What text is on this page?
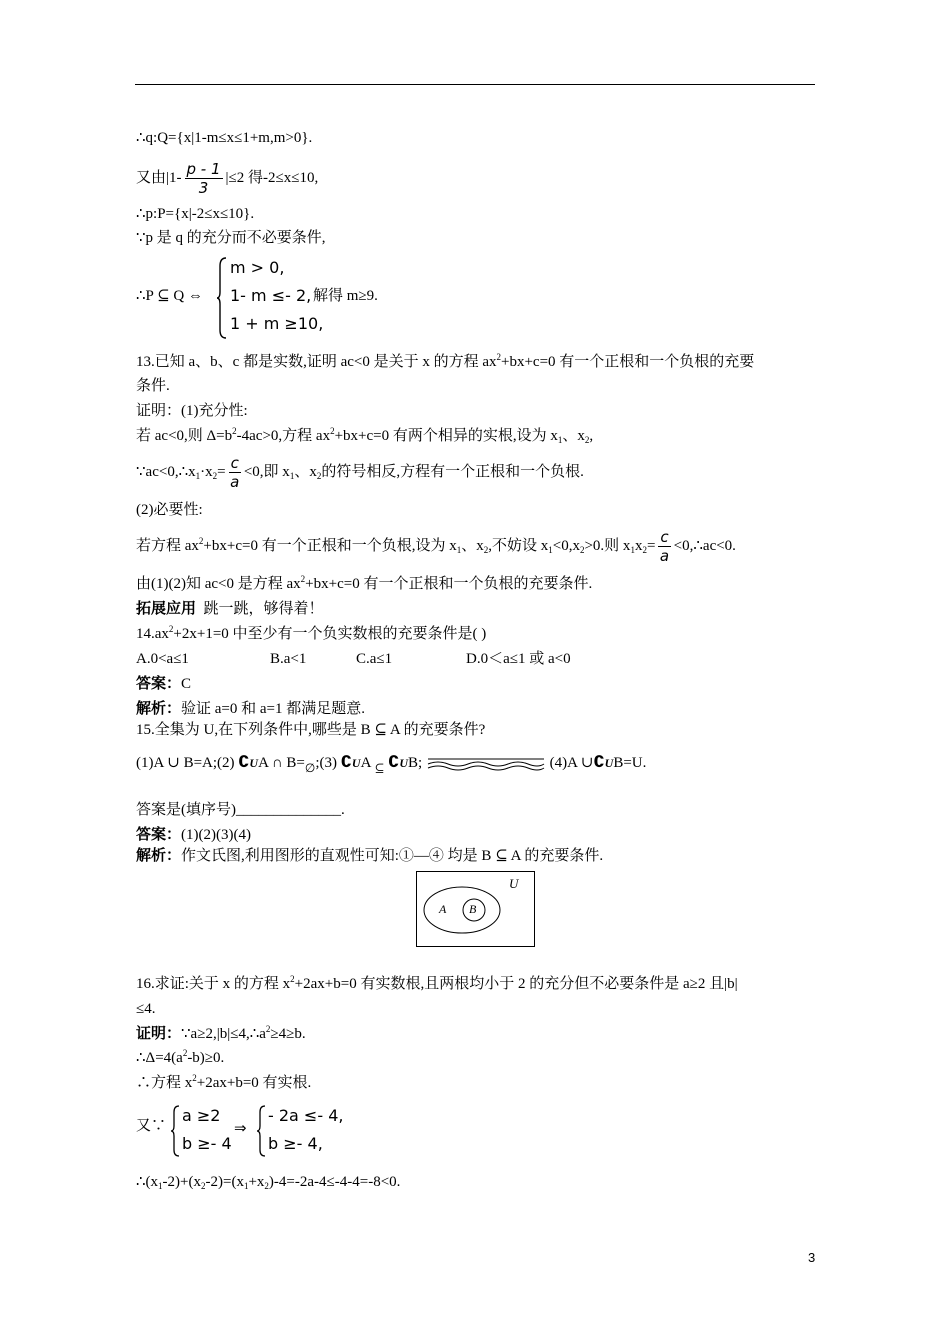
∴q:Q={x|1-m≤x≤1+m,m>0}.
又由$|1- \frac{p - 1}{3} |\le 2$ 得-2≤x≤10,
∴p:P={x|-2≤x≤10}.
∵p 是 q 的充分而不必要条件,
∴P ⊆ Q ⇔
m > 0,
1- m ≤- 2,
1 + m ≥10,
解得 m≥9.
13.已知 a、b、c 都是实数,证明 ac<0 是关于 x 的方程 $ax^2+bx+c=0$ 有一个正根和一个负根的充要
条件.
证明：(1)充分性:
若 ac<0,则 $\Delta=b^2-4ac>0$,方程 $ax^2+bx+c=0$ 有两个相异的实根,设为 $x_1$、$x_2$,
$\because ac<0,\therefore x_1\cdot x_2= \frac{c}{a} <0$,即 $x_1$、$x_2$的符号相反,方程有一个正根和一个负根.
(2)必要性:
若方程 $ax^2+bx+c=0$ 有一个正根和一个负根,设为 $x_1$、$x_2$,不妨设 $x_1<0,x_2>0$.则 $x_1x_2= \frac{c}{a}$ <0,∴ac<0.
由(1)(2)知 ac<0 是方程 $ax^2+bx+c=0$ 有一个正根和一个负根的充要条件.
拓展应用 跳一跳，够得着！
$14.ax^2+2x+1=0$ 中至少有一个负实数根的充要条件是( )
A.0<a≤1	B.a<1	C.a≤1	D.0＜a≤1 或 a<0
答案：C
解析：验证 a=0 和 a=1 都满足题意.
15.全集为 U,在下列条件中,哪些是 B ⊆ A 的充要条件?
(1)A ∪ B=A;(2) ∁UA ∩ $B=_\emptyset;(3)$ ∁UA $_⊆$ ∁UB;	(4)A ∪∁UB=U.
答案是(填序号)______________.
答案：(1)(2)(3)(4)
解析：作文氏图,利用图形的直观性可知:①—④ 均是 B ⊆ A 的充要条件.
U
A B
16.求证:关于 x 的方程 $x^2+2ax+b=0$ 有实数根,且两根均小于 2 的充分但不必要条件是 a≥2 且|b|
≤4.
证明：$\because a\ge 2,|b|\le 4,\therefore a^2\ge 4\ge b$.
$\therefore\Delta=4(a^2-b)\ge 0$.
∴方程 $x^2+2ax+b=0$ 有实根.
又∵
a ≥2
b ≥- 4
⇒
- 2a ≤- 4,
b ≥- 4,
$\therefore(x_1-2)+(x_2-2)=(x_1+x_2)-4=-2a-4\le-4-4=-8<0$.
3
